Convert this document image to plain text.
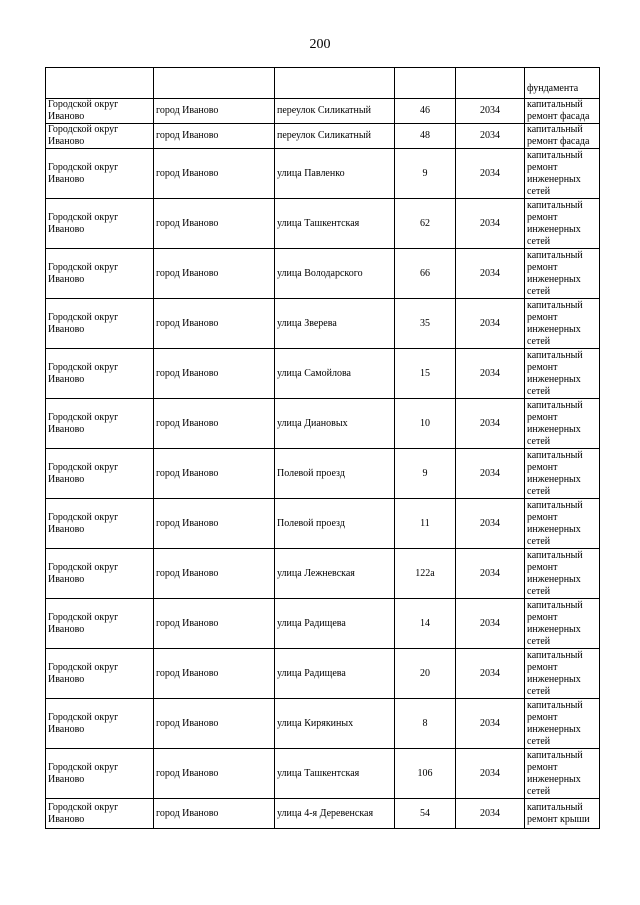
200
					фундамента
Городской округ Иваново	город Иваново	переулок Силикатный	46	2034	капитальный ремонт фасада
Городской округ Иваново	город Иваново	переулок Силикатный	48	2034	капитальный ремонт фасада
Городской округ Иваново	город Иваново	улица Павленко	9	2034	капитальный ремонт инженерных сетей
Городской округ Иваново	город Иваново	улица Ташкентская	62	2034	капитальный ремонт инженерных сетей
Городской округ Иваново	город Иваново	улица Володарского	66	2034	капитальный ремонт инженерных сетей
Городской округ Иваново	город Иваново	улица Зверева	35	2034	капитальный ремонт инженерных сетей
Городской округ Иваново	город Иваново	улица Самойлова	15	2034	капитальный ремонт инженерных сетей
Городской округ Иваново	город Иваново	улица Диановых	10	2034	капитальный ремонт инженерных сетей
Городской округ Иваново	город Иваново	Полевой проезд	9	2034	капитальный ремонт инженерных сетей
Городской округ Иваново	город Иваново	Полевой проезд	11	2034	капитальный ремонт инженерных сетей
Городской округ Иваново	город Иваново	улица Лежневская	122а	2034	капитальный ремонт инженерных сетей
Городской округ Иваново	город Иваново	улица Радищева	14	2034	капитальный ремонт инженерных сетей
Городской округ Иваново	город Иваново	улица Радищева	20	2034	капитальный ремонт инженерных сетей
Городской округ Иваново	город Иваново	улица Кирякиных	8	2034	капитальный ремонт инженерных сетей
Городской округ Иваново	город Иваново	улица Ташкентская	106	2034	капитальный ремонт инженерных сетей
Городской округ Иваново	город Иваново	улица 4-я Деревенская	54	2034	капитальный ремонт крыши
